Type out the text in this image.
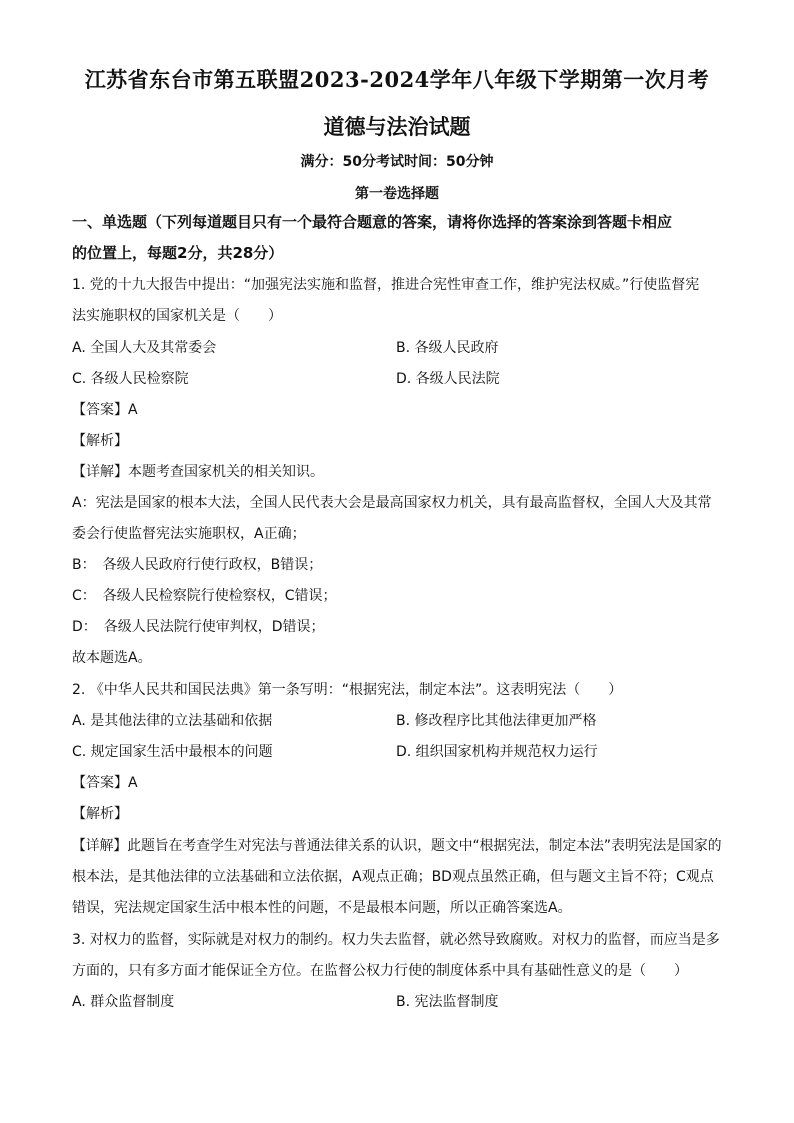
江苏省东台市第五联盟2023-2024学年八年级下学期第一次月考
道德与法治试题
满分：50分考试时间：50分钟
第一卷选择题
一、单选题（下列每道题目只有一个最符合题意的答案，请将你选择的答案涂到答题卡相应
的位置上，每题2分，共28分）
1. 党的十九大报告中提出：“加强宪法实施和监督，推进合宪性审查工作，维护宪法权威。”行使监督宪
法实施职权的国家机关是（　　）
A. 全国人大及其常委会	B. 各级人民政府
C. 各级人民检察院	D. 各级人民法院
【答案】A
【解析】
【详解】本题考查国家机关的相关知识。
A：宪法是国家的根本大法，全国人民代表大会是最高国家权力机关，具有最高监督权，全国人大及其常
委会行使监督宪法实施职权，A正确；
B：　各级人民政府行使行政权，B错误；
C：　各级人民检察院行使检察权，C错误；
D：　各级人民法院行使审判权，D错误；
故本题选A。
2. 《中华人民共和国民法典》第一条写明：“根据宪法，制定本法”。这表明宪法（　　）
A. 是其他法律的立法基础和依据	B. 修改程序比其他法律更加严格
C. 规定国家生活中最根本的问题	D. 组织国家机构并规范权力运行
【答案】A
【解析】
【详解】此题旨在考查学生对宪法与普通法律关系的认识，题文中“根据宪法，制定本法”表明宪法是国家的
根本法，是其他法律的立法基础和立法依据，A观点正确；BD观点虽然正确，但与题文主旨不符；C观点
错误，宪法规定国家生活中根本性的问题，不是最根本问题，所以正确答案选A。
3. 对权力的监督，实际就是对权力的制约。权力失去监督，就必然导致腐败。对权力的监督，而应当是多
方面的，只有多方面才能保证全方位。在监督公权力行使的制度体系中具有基础性意义的是（　　）
A. 群众监督制度	B. 宪法监督制度
